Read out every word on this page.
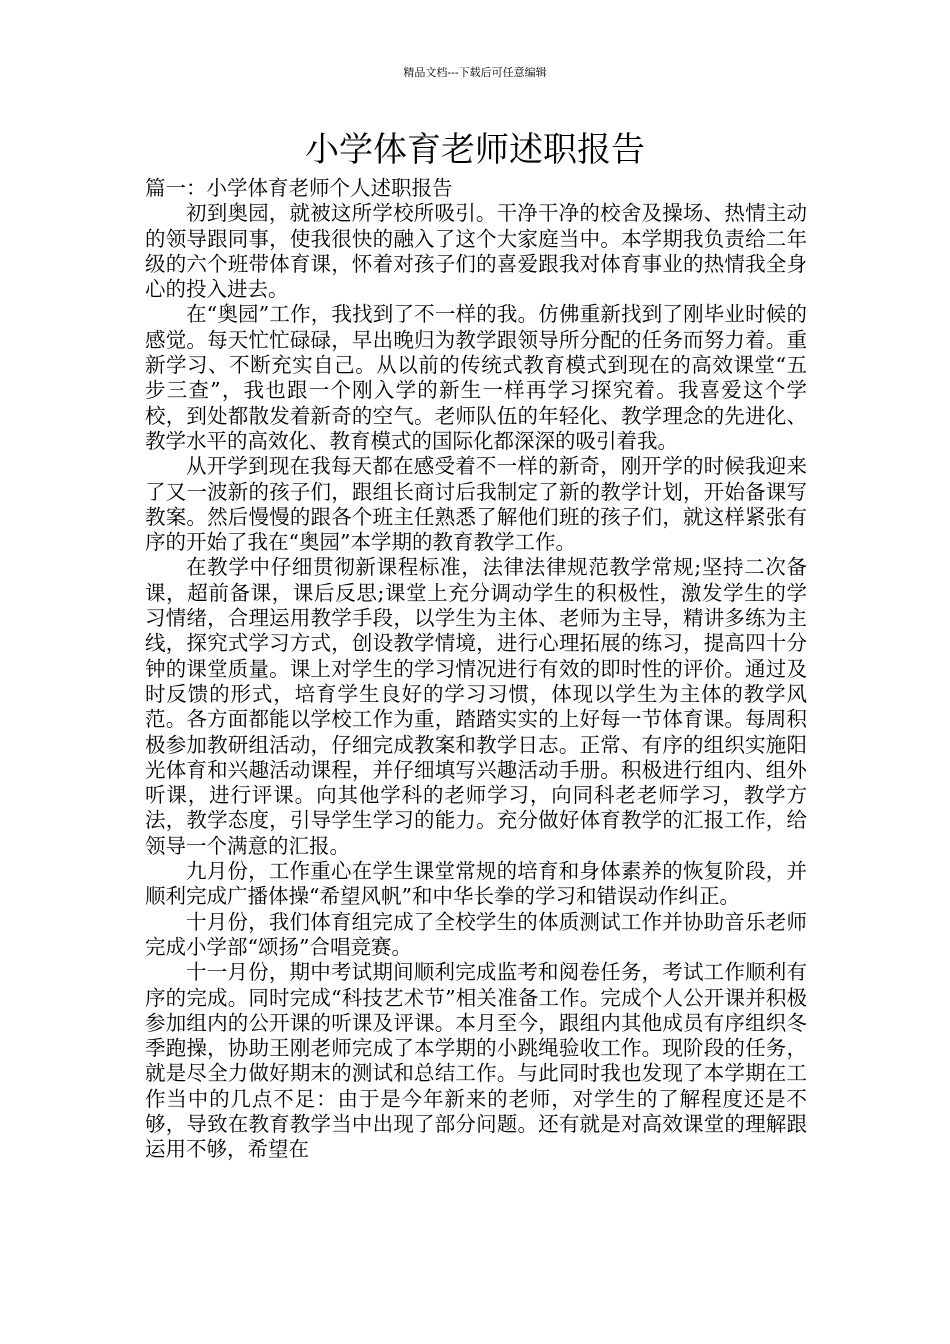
精品文档---下载后可任意编辑
小学体育老师述职报告

篇一：小学体育老师个人述职报告

初到奥园，就被这所学校所吸引。干净干净的校舍及操场、热情主动的领导跟同事，使我很快的融入了这个大家庭当中。本学期我负责给二年级的六个班带体育课，怀着对孩子们的喜爱跟我对体育事业的热情我全身心的投入进去。

在“奥园”工作，我找到了不一样的我。仿佛重新找到了刚毕业时候的感觉。每天忙忙碌碌，早出晚归为教学跟领导所分配的任务而努力着。重新学习、不断充实自己。从以前的传统式教育模式到现在的高效课堂“五步三查”，我也跟一个刚入学的新生一样再学习探究着。我喜爱这个学校，到处都散发着新奇的空气。老师队伍的年轻化、教学理念的先进化、教学水平的高效化、教育模式的国际化都深深的吸引着我。

从开学到现在我每天都在感受着不一样的新奇，刚开学的时候我迎来了又一波新的孩子们，跟组长商讨后我制定了新的教学计划，开始备课写教案。然后慢慢的跟各个班主任熟悉了解他们班的孩子们，就这样紧张有序的开始了我在“奥园”本学期的教育教学工作。

在教学中仔细贯彻新课程标准，法律法律规范教学常规;坚持二次备课，超前备课，课后反思;课堂上充分调动学生的积极性，激发学生的学习情绪，合理运用教学手段，以学生为主体、老师为主导，精讲多练为主线，探究式学习方式，创设教学情境，进行心理拓展的练习，提高四十分钟的课堂质量。课上对学生的学习情况进行有效的即时性的评价。通过及时反馈的形式，培育学生良好的学习习惯，体现以学生为主体的教学风范。各方面都能以学校工作为重，踏踏实实的上好每一节体育课。每周积极参加教研组活动，仔细完成教案和教学日志。正常、有序的组织实施阳光体育和兴趣活动课程，并仔细填写兴趣活动手册。积极进行组内、组外听课，进行评课。向其他学科的老师学习，向同科老老师学习，教学方法，教学态度，引导学生学习的能力。充分做好体育教学的汇报工作，给领导一个满意的汇报。

九月份，工作重心在学生课堂常规的培育和身体素养的恢复阶段，并顺利完成广播体操“希望风帆”和中华长拳的学习和错误动作纠正。

十月份，我们体育组完成了全校学生的体质测试工作并协助音乐老师完成小学部“颂扬”合唱竞赛。

十一月份，期中考试期间顺利完成监考和阅卷任务，考试工作顺利有序的完成。同时完成“科技艺术节”相关准备工作。完成个人公开课并积极参加组内的公开课的听课及评课。本月至今，跟组内其他成员有序组织冬季跑操，协助王刚老师完成了本学期的小跳绳验收工作。现阶段的任务，就是尽全力做好期末的测试和总结工作。与此同时我也发现了本学期在工作当中的几点不足：由于是今年新来的老师，对学生的了解程度还是不够，导致在教育教学当中出现了部分问题。还有就是对高效课堂的理解跟运用不够，希望在
